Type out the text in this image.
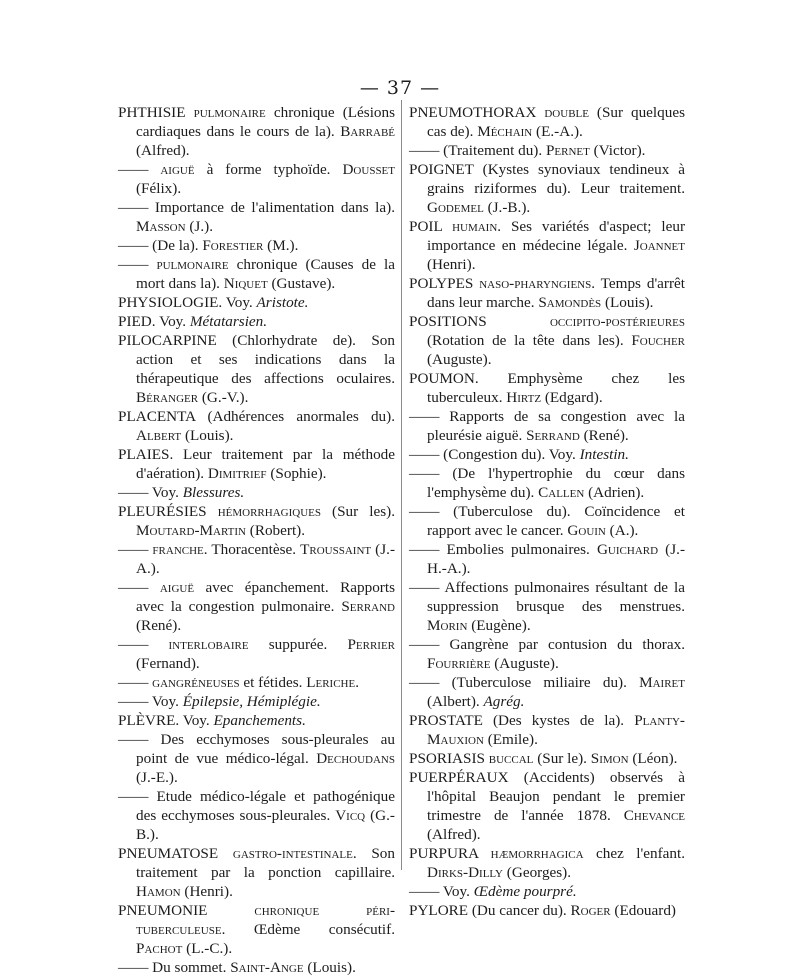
— 37 —

PHTHISIE pulmonaire chronique (Lésions cardiaques dans le cours de la). Barrabé (Alfred).

—— aiguë à forme typhoïde. Dousset (Félix).

—— Importance de l'alimentation dans la). Masson (J.).

—— (De la). Forestier (M.).

—— pulmonaire chronique (Causes de la mort dans la). Niquet (Gustave).

PHYSIOLOGIE. Voy. Aristote.

PIED. Voy. Métatarsien.

PILOCARPINE (Chlorhydrate de). Son action et ses indications dans la thérapeutique des affections oculaires. Béranger (G.-V.).

PLACENTA (Adhérences anormales du). Albert (Louis).

PLAIES. Leur traitement par la méthode d'aération). Dimitrief (Sophie).

—— Voy. Blessures.

PLEURÉSIES hémorrhagiques (Sur les). Moutard-Martin (Robert).

—— franche. Thoracentèse. Troussaint (J.-A.).

—— aiguë avec épanchement. Rapports avec la congestion pulmonaire. Serrand (René).

—— interlobaire suppurée. Perrier (Fernand).

—— gangréneuses et fétides. Leriche.

—— Voy. Épilepsie, Hémiplégie.

PLÈVRE. Voy. Epanchements.

—— Des ecchymoses sous-pleurales au point de vue médico-légal. Dechoudans (J.-E.).

—— Etude médico-légale et pathogénique des ecchymoses sous-pleurales. Vicq (G.-B.).

PNEUMATOSE gastro-intestinale. Son traitement par la ponction capillaire. Hamon (Henri).

PNEUMONIE chronique péri-tuberculeuse. Œdème consécutif. Pachot (L.-C.).

—— Du sommet. Saint-Ange (Louis).

PNEUMOTHORAX double (Sur quelques cas de). Méchain (E.-A.).

—— (Traitement du). Pernet (Victor).

POIGNET (Kystes synoviaux tendineux à grains riziformes du). Leur traitement. Godemel (J.-B.).

POIL humain. Ses variétés d'aspect; leur importance en médecine légale. Joannet (Henri).

POLYPES naso-pharyngiens. Temps d'arrêt dans leur marche. Samondès (Louis).

POSITIONS occipito-postérieures (Rotation de la tête dans les). Foucher (Auguste).

POUMON. Emphysème chez les tuberculeux. Hirtz (Edgard).

—— Rapports de sa congestion avec la pleurésie aiguë. Serrand (René).

—— (Congestion du). Voy. Intestin.

—— (De l'hypertrophie du cœur dans l'emphysème du). Callen (Adrien).

—— (Tuberculose du). Coïncidence et rapport avec le cancer. Gouin (A.).

—— Embolies pulmonaires. Guichard (J.-H.-A.).

—— Affections pulmonaires résultant de la suppression brusque des menstrues. Morin (Eugène).

—— Gangrène par contusion du thorax. Fourrière (Auguste).

—— (Tuberculose miliaire du). Mairet (Albert). Agrég.

PROSTATE (Des kystes de la). Planty-Mauxion (Emile).

PSORIASIS buccal (Sur le). Simon (Léon).

PUERPÉRAUX (Accidents) observés à l'hôpital Beaujon pendant le premier trimestre de l'année 1878. Chevance (Alfred).

PURPURA hæmorrhagica chez l'enfant. Dirks-Dilly (Georges).

—— Voy. Œdème pourpré.

PYLORE (Du cancer du). Roger (Edouard)
